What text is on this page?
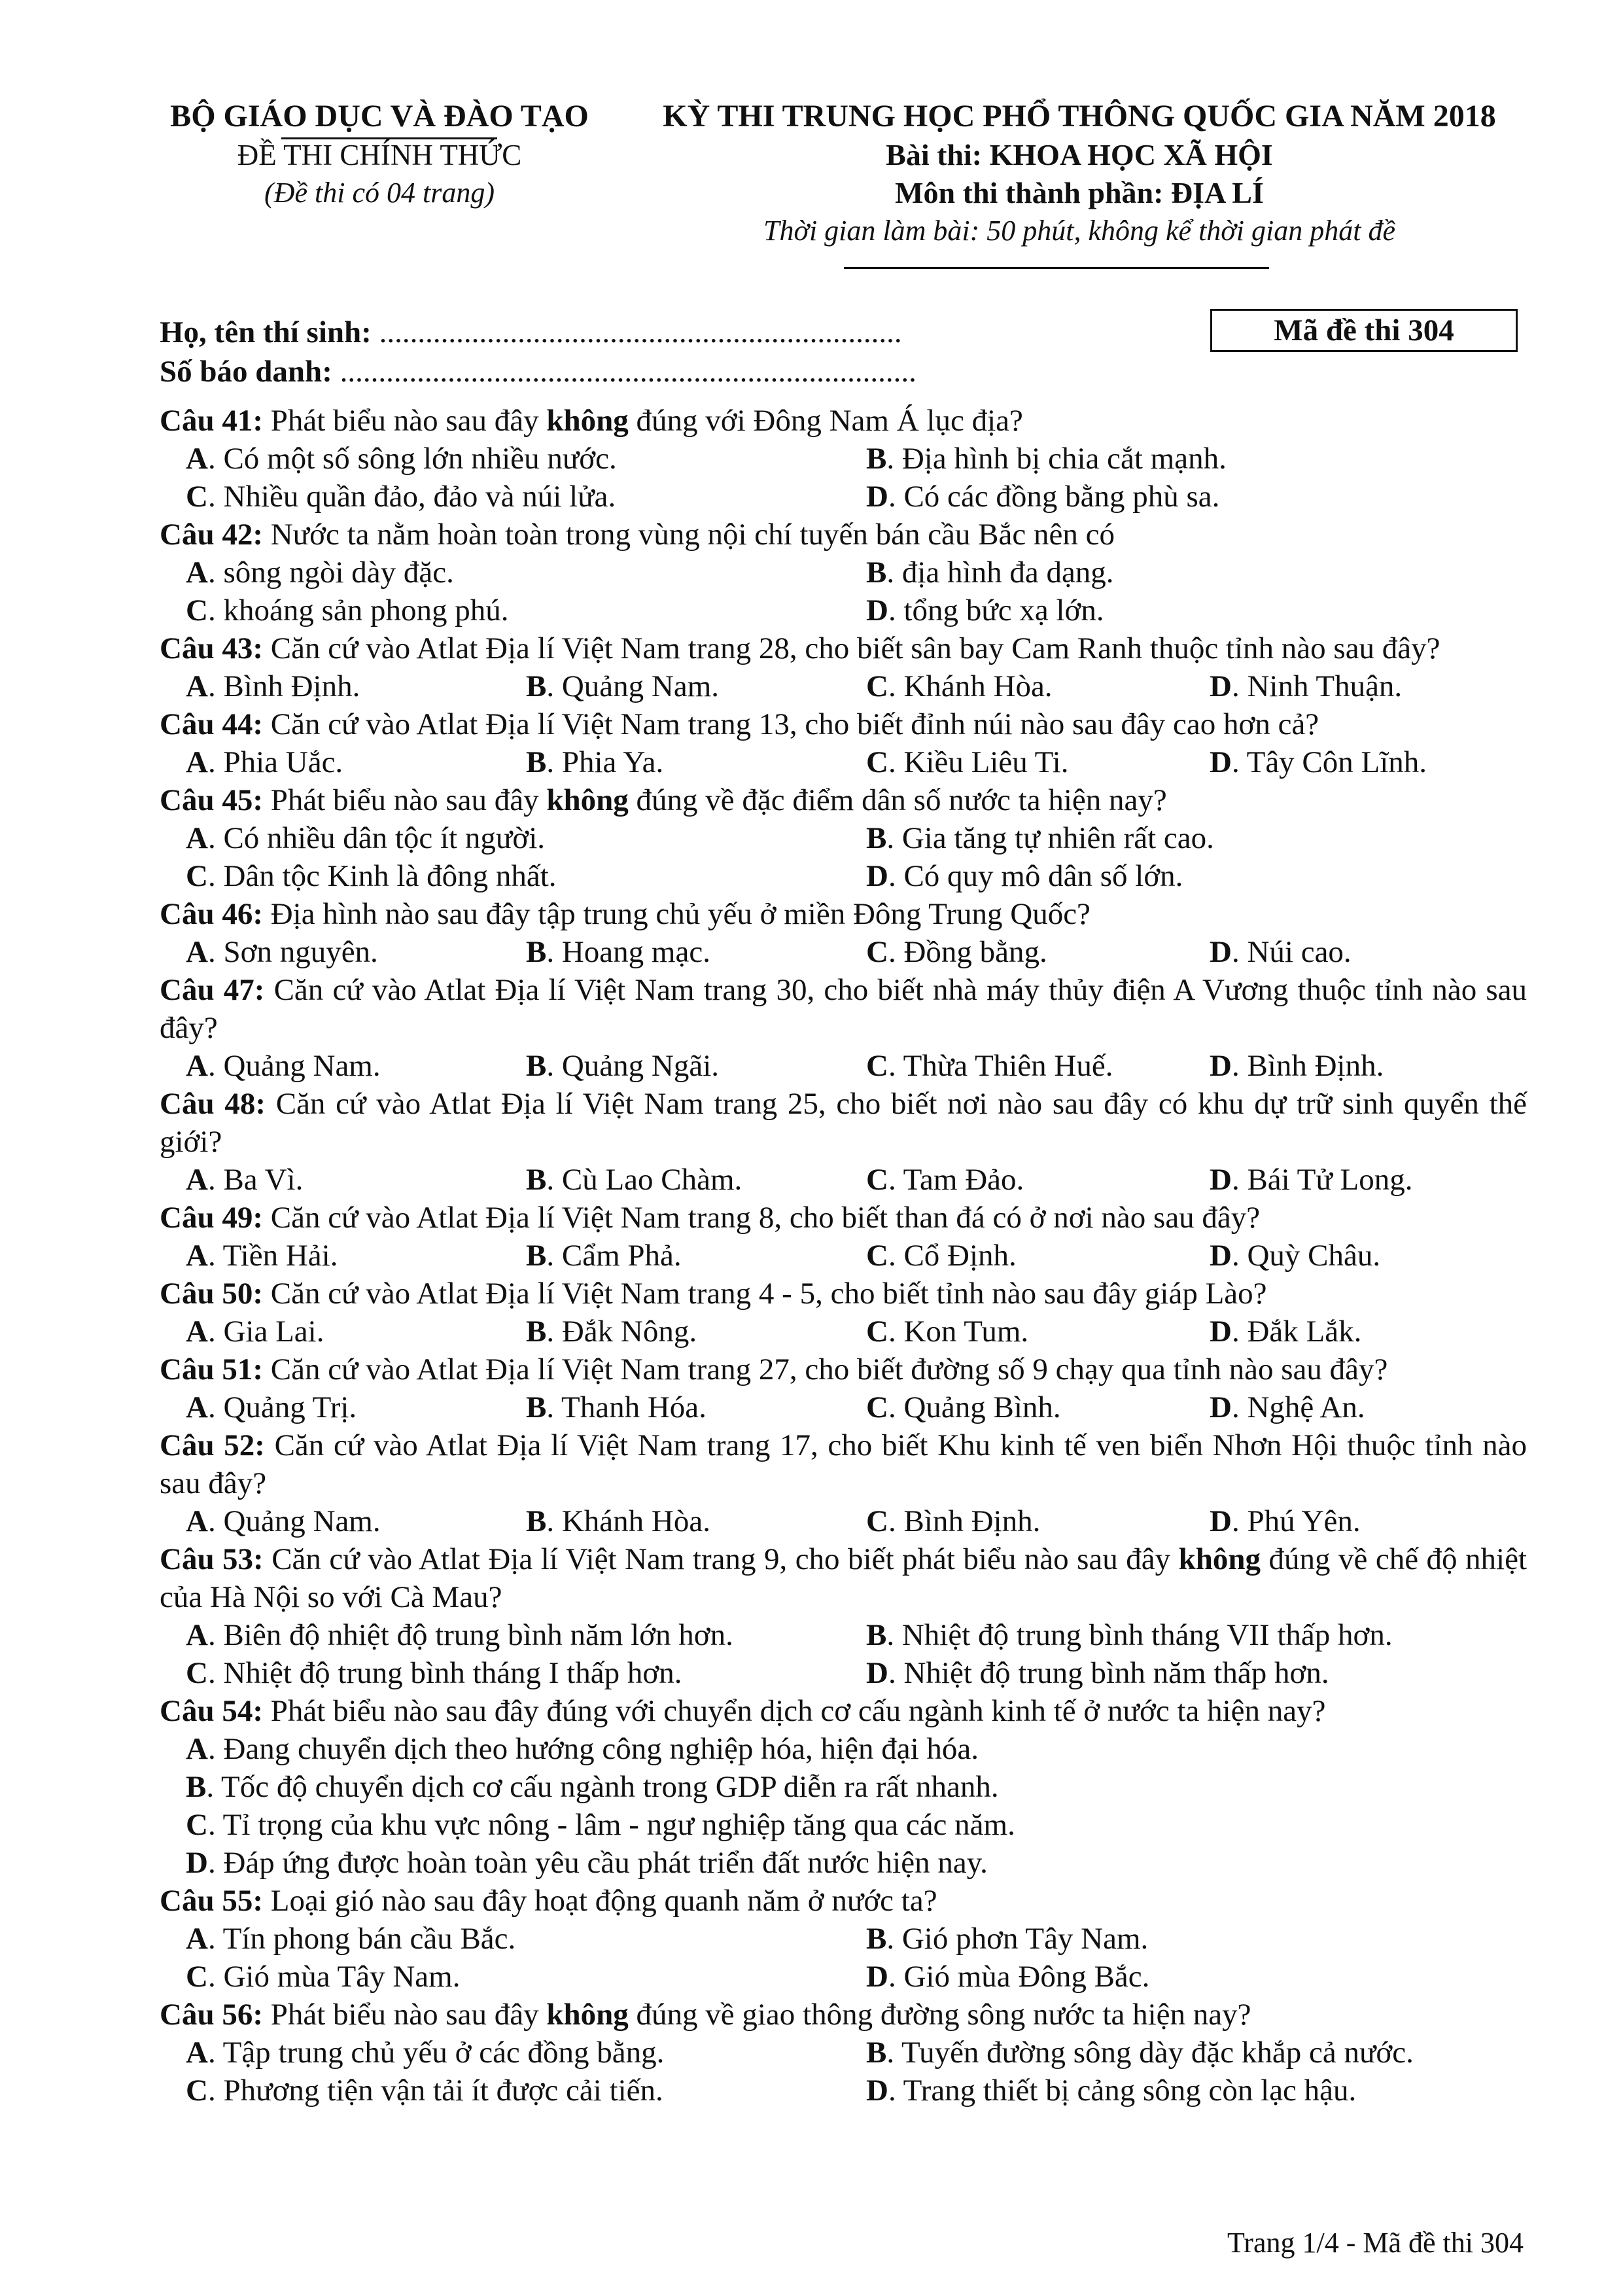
BỘ GIÁO DỤC VÀ ĐÀO TẠO
ĐỀ THI CHÍNH THỨC
(Đề thi có 04 trang)
KỲ THI TRUNG HỌC PHỔ THÔNG QUỐC GIA NĂM 2018
Bài thi: KHOA HỌC XÃ HỘI
Môn thi thành phần: ĐỊA LÍ
Thời gian làm bài: 50 phút, không kể thời gian phát đề
Họ, tên thí sinh: ....................................................................
Số báo danh: ...........................................................................
Mã đề thi 304

Câu 41: Phát biểu nào sau đây không đúng với Đông Nam Á lục địa?

A. Có một số sông lớn nhiều nước.	B. Địa hình bị chia cắt mạnh.
C. Nhiều quần đảo, đảo và núi lửa.	D. Có các đồng bằng phù sa.

Câu 42: Nước ta nằm hoàn toàn trong vùng nội chí tuyến bán cầu Bắc nên có

A. sông ngòi dày đặc.	B. địa hình đa dạng.
C. khoáng sản phong phú.	D. tổng bức xạ lớn.

Câu 43: Căn cứ vào Atlat Địa lí Việt Nam trang 28, cho biết sân bay Cam Ranh thuộc tỉnh nào sau đây?

A. Bình Định.	B. Quảng Nam.	C. Khánh Hòa.	D. Ninh Thuận.

Câu 44: Căn cứ vào Atlat Địa lí Việt Nam trang 13, cho biết đỉnh núi nào sau đây cao hơn cả?

A. Phia Uắc.	B. Phia Ya.	C. Kiều Liêu Ti.	D. Tây Côn Lĩnh.

Câu 45: Phát biểu nào sau đây không đúng về đặc điểm dân số nước ta hiện nay?

A. Có nhiều dân tộc ít người.	B. Gia tăng tự nhiên rất cao.
C. Dân tộc Kinh là đông nhất.	D. Có quy mô dân số lớn.

Câu 46: Địa hình nào sau đây tập trung chủ yếu ở miền Đông Trung Quốc?

A. Sơn nguyên.	B. Hoang mạc.	C. Đồng bằng.	D. Núi cao.

Câu 47: Căn cứ vào Atlat Địa lí Việt Nam trang 30, cho biết nhà máy thủy điện A Vương thuộc tỉnh nào sau đây?

A. Quảng Nam.	B. Quảng Ngãi.	C. Thừa Thiên Huế.	D. Bình Định.

Câu 48: Căn cứ vào Atlat Địa lí Việt Nam trang 25, cho biết nơi nào sau đây có khu dự trữ sinh quyển thế giới?

A. Ba Vì.	B. Cù Lao Chàm.	C. Tam Đảo.	D. Bái Tử Long.

Câu 49: Căn cứ vào Atlat Địa lí Việt Nam trang 8, cho biết than đá có ở nơi nào sau đây?

A. Tiền Hải.	B. Cẩm Phả.	C. Cổ Định.	D. Quỳ Châu.

Câu 50: Căn cứ vào Atlat Địa lí Việt Nam trang 4 - 5, cho biết tỉnh nào sau đây giáp Lào?

A. Gia Lai.	B. Đắk Nông.	C. Kon Tum.	D. Đắk Lắk.

Câu 51: Căn cứ vào Atlat Địa lí Việt Nam trang 27, cho biết đường số 9 chạy qua tỉnh nào sau đây?

A. Quảng Trị.	B. Thanh Hóa.	C. Quảng Bình.	D. Nghệ An.

Câu 52: Căn cứ vào Atlat Địa lí Việt Nam trang 17, cho biết Khu kinh tế ven biển Nhơn Hội thuộc tỉnh nào sau đây?

A. Quảng Nam.	B. Khánh Hòa.	C. Bình Định.	D. Phú Yên.

Câu 53: Căn cứ vào Atlat Địa lí Việt Nam trang 9, cho biết phát biểu nào sau đây không đúng về chế độ nhiệt của Hà Nội so với Cà Mau?

A. Biên độ nhiệt độ trung bình năm lớn hơn.	B. Nhiệt độ trung bình tháng VII thấp hơn.
C. Nhiệt độ trung bình tháng I thấp hơn.	D. Nhiệt độ trung bình năm thấp hơn.

Câu 54: Phát biểu nào sau đây đúng với chuyển dịch cơ cấu ngành kinh tế ở nước ta hiện nay?

A. Đang chuyển dịch theo hướng công nghiệp hóa, hiện đại hóa.
B. Tốc độ chuyển dịch cơ cấu ngành trong GDP diễn ra rất nhanh.
C. Tỉ trọng của khu vực nông - lâm - ngư nghiệp tăng qua các năm.
D. Đáp ứng được hoàn toàn yêu cầu phát triển đất nước hiện nay.

Câu 55: Loại gió nào sau đây hoạt động quanh năm ở nước ta?

A. Tín phong bán cầu Bắc.	B. Gió phơn Tây Nam.
C. Gió mùa Tây Nam.	D. Gió mùa Đông Bắc.

Câu 56: Phát biểu nào sau đây không đúng về giao thông đường sông nước ta hiện nay?

A. Tập trung chủ yếu ở các đồng bằng.	B. Tuyến đường sông dày đặc khắp cả nước.
C. Phương tiện vận tải ít được cải tiến.	D. Trang thiết bị cảng sông còn lạc hậu.
Trang 1/4 - Mã đề thi 304
